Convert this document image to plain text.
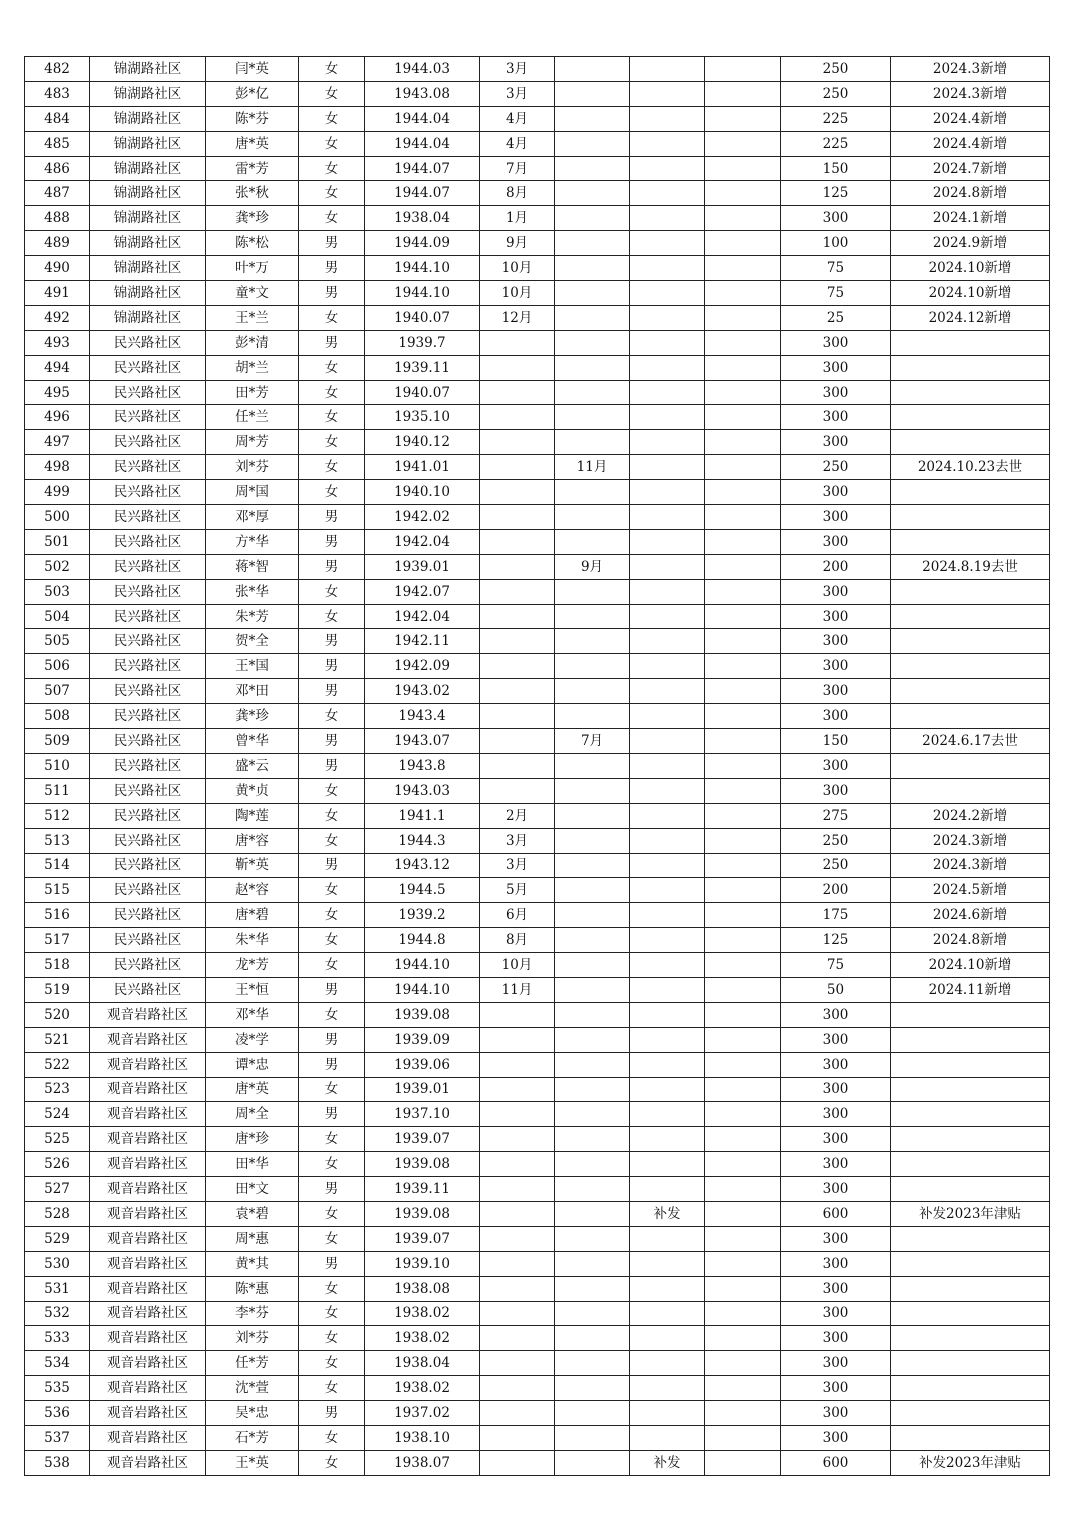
482	锦湖路社区	闫*英	女	1944.03	3月				250	2024.3新增
483	锦湖路社区	彭*亿	女	1943.08	3月				250	2024.3新增
484	锦湖路社区	陈*芬	女	1944.04	4月				225	2024.4新增
485	锦湖路社区	唐*英	女	1944.04	4月				225	2024.4新增
486	锦湖路社区	雷*芳	女	1944.07	7月				150	2024.7新增
487	锦湖路社区	张*秋	女	1944.07	8月				125	2024.8新增
488	锦湖路社区	龚*珍	女	1938.04	1月				300	2024.1新增
489	锦湖路社区	陈*松	男	1944.09	9月				100	2024.9新增
490	锦湖路社区	叶*万	男	1944.10	10月				75	2024.10新增
491	锦湖路社区	童*文	男	1944.10	10月				75	2024.10新增
492	锦湖路社区	王*兰	女	1940.07	12月				25	2024.12新增
493	民兴路社区	彭*清	男	1939.7					300	
494	民兴路社区	胡*兰	女	1939.11					300	
495	民兴路社区	田*芳	女	1940.07					300	
496	民兴路社区	任*兰	女	1935.10					300	
497	民兴路社区	周*芳	女	1940.12					300	
498	民兴路社区	刘*芬	女	1941.01		11月			250	2024.10.23去世
499	民兴路社区	周*国	女	1940.10					300	
500	民兴路社区	邓*厚	男	1942.02					300	
501	民兴路社区	方*华	男	1942.04					300	
502	民兴路社区	蒋*智	男	1939.01		9月			200	2024.8.19去世
503	民兴路社区	张*华	女	1942.07					300	
504	民兴路社区	朱*芳	女	1942.04					300	
505	民兴路社区	贺*全	男	1942.11					300	
506	民兴路社区	王*国	男	1942.09					300	
507	民兴路社区	邓*田	男	1943.02					300	
508	民兴路社区	龚*珍	女	1943.4					300	
509	民兴路社区	曾*华	男	1943.07		7月			150	2024.6.17去世
510	民兴路社区	盛*云	男	1943.8					300	
511	民兴路社区	黄*贞	女	1943.03					300	
512	民兴路社区	陶*莲	女	1941.1	2月				275	2024.2新增
513	民兴路社区	唐*容	女	1944.3	3月				250	2024.3新增
514	民兴路社区	靳*英	男	1943.12	3月				250	2024.3新增
515	民兴路社区	赵*容	女	1944.5	5月				200	2024.5新增
516	民兴路社区	唐*碧	女	1939.2	6月				175	2024.6新增
517	民兴路社区	朱*华	女	1944.8	8月				125	2024.8新增
518	民兴路社区	龙*芳	女	1944.10	10月				75	2024.10新增
519	民兴路社区	王*恒	男	1944.10	11月				50	2024.11新增
520	观音岩路社区	邓*华	女	1939.08					300	
521	观音岩路社区	凌*学	男	1939.09					300	
522	观音岩路社区	谭*忠	男	1939.06					300	
523	观音岩路社区	唐*英	女	1939.01					300	
524	观音岩路社区	周*全	男	1937.10					300	
525	观音岩路社区	唐*珍	女	1939.07					300	
526	观音岩路社区	田*华	女	1939.08					300	
527	观音岩路社区	田*文	男	1939.11					300	
528	观音岩路社区	袁*碧	女	1939.08			补发		600	补发2023年津贴
529	观音岩路社区	周*惠	女	1939.07					300	
530	观音岩路社区	黄*其	男	1939.10					300	
531	观音岩路社区	陈*惠	女	1938.08					300	
532	观音岩路社区	李*芬	女	1938.02					300	
533	观音岩路社区	刘*芬	女	1938.02					300	
534	观音岩路社区	任*芳	女	1938.04					300	
535	观音岩路社区	沈*萱	女	1938.02					300	
536	观音岩路社区	吴*忠	男	1937.02					300	
537	观音岩路社区	石*芳	女	1938.10					300	
538	观音岩路社区	王*英	女	1938.07			补发		600	补发2023年津贴
